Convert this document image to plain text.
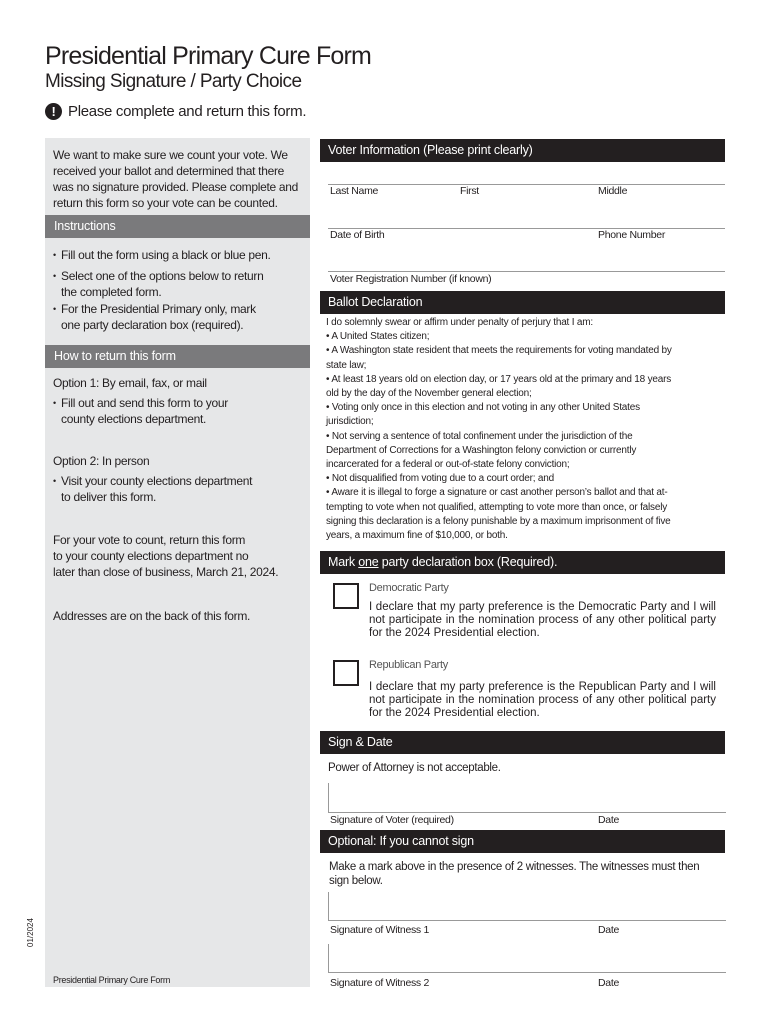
Presidential Primary Cure Form
Missing Signature / Party Choice
! Please complete and return this form.
We want to make sure we count your vote. We
received your ballot and determined that there
was no signature provided. Please complete and
return this form so your vote can be counted.
Instructions
• Fill out the form using a black or blue pen.
• Select one of the options below to return
the completed form.
• For the Presidential Primary only, mark
one party declaration box (required).
How to return this form
Option 1: By email, fax, or mail
• Fill out and send this form to your
county elections department.
Option 2: In person
• Visit your county elections department
to deliver this form.
For your vote to count, return this form
to your county elections department no
later than close of business, March 21, 2024.
Addresses are on the back of this form.
Presidential Primary Cure Form
01/2024
Voter Information (Please print clearly)
Last Name	First	Middle
Date of Birth	Phone Number
Voter Registration Number (if known)
Ballot Declaration
I do solemnly swear or affirm under penalty of perjury that I am:
• A United States citizen;
• A Washington state resident that meets the requirements for voting mandated by
state law;
• At least 18 years old on election day, or 17 years old at the primary and 18 years
old by the day of the November general election;
• Voting only once in this election and not voting in any other United States
jurisdiction;
• Not serving a sentence of total confinement under the jurisdiction of the
Department of Corrections for a Washington felony conviction or currently
incarcerated for a federal or out-of-state felony conviction;
• Not disqualified from voting due to a court order; and
• Aware it is illegal to forge a signature or cast another person’s ballot and that at-
tempting to vote when not qualified, attempting to vote more than once, or falsely
signing this declaration is a felony punishable by a maximum imprisonment of five
years, a maximum fine of $10,000, or both.
Mark one party declaration box (Required).
Democratic Party
I declare that my party preference is the Democratic Party and I will not participate in the nomination process of any other political party for the 2024 Presidential election.
Republican Party
I declare that my party preference is the Republican Party and I will not participate in the nomination process of any other political party for the 2024 Presidential election.
Sign & Date
Power of Attorney is not acceptable.
Signature of Voter (required)	Date
Optional: If you cannot sign
Make a mark above in the presence of 2 witnesses. The witnesses must then
sign below.
Signature of Witness 1	Date
Signature of Witness 2	Date
